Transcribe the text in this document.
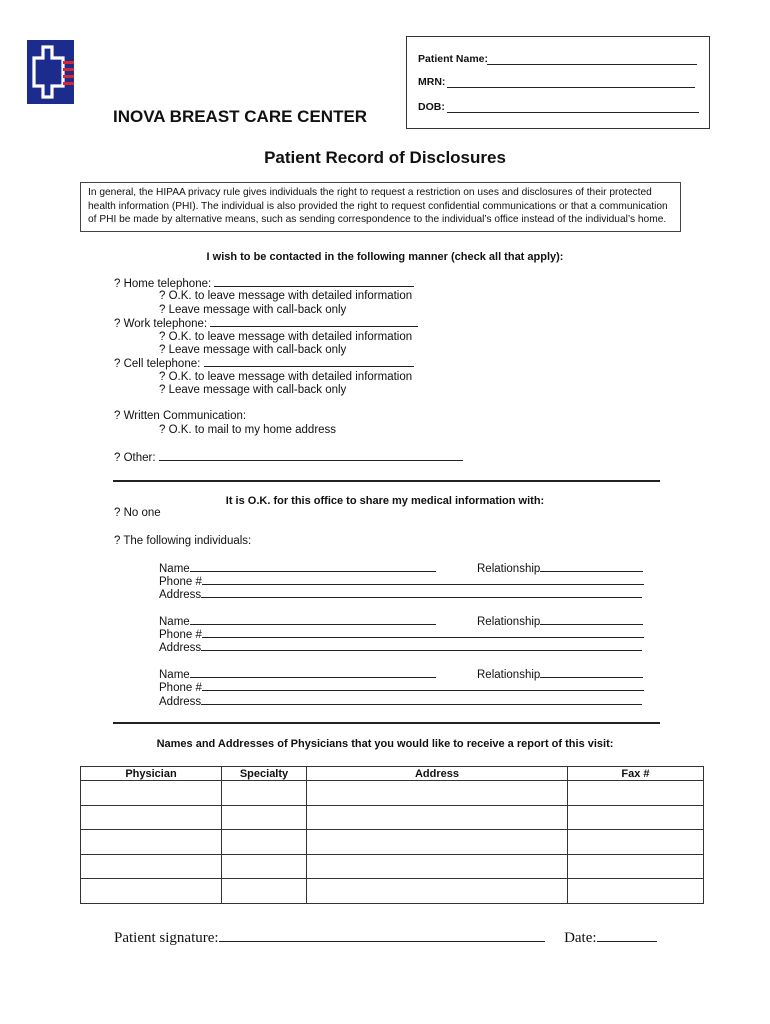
INOVA BREAST CARE CENTER
Patient Name:
MRN:
DOB:
Patient Record of Disclosures
In general, the HIPAA privacy rule gives individuals the right to request a restriction on uses and disclosures of their protected
health information (PHI). The individual is also provided the right to request confidential communications or that a communication
of PHI be made by alternative means, such as sending correspondence to the individual’s office instead of the individual’s home.
I wish to be contacted in the following manner (check all that apply):
? Home telephone:
? O.K. to leave message with detailed information
? Leave message with call-back only
? Work telephone:
? O.K. to leave message with detailed information
? Leave message with call-back only
? Cell telephone:
? O.K. to leave message with detailed information
? Leave message with call-back only
? Written Communication:
? O.K. to mail to my home address
? Other:
It is O.K. for this office to share my medical information with:
? No one
? The following individuals:
Name	Relationship
Phone #
Address
Name	Relationship
Phone #
Address
Name	Relationship
Phone #
Address
Names and Addresses of Physicians that you would like to receive a report of this visit:
Physician	Specialty	Address	Fax #

Patient signature:	Date:
